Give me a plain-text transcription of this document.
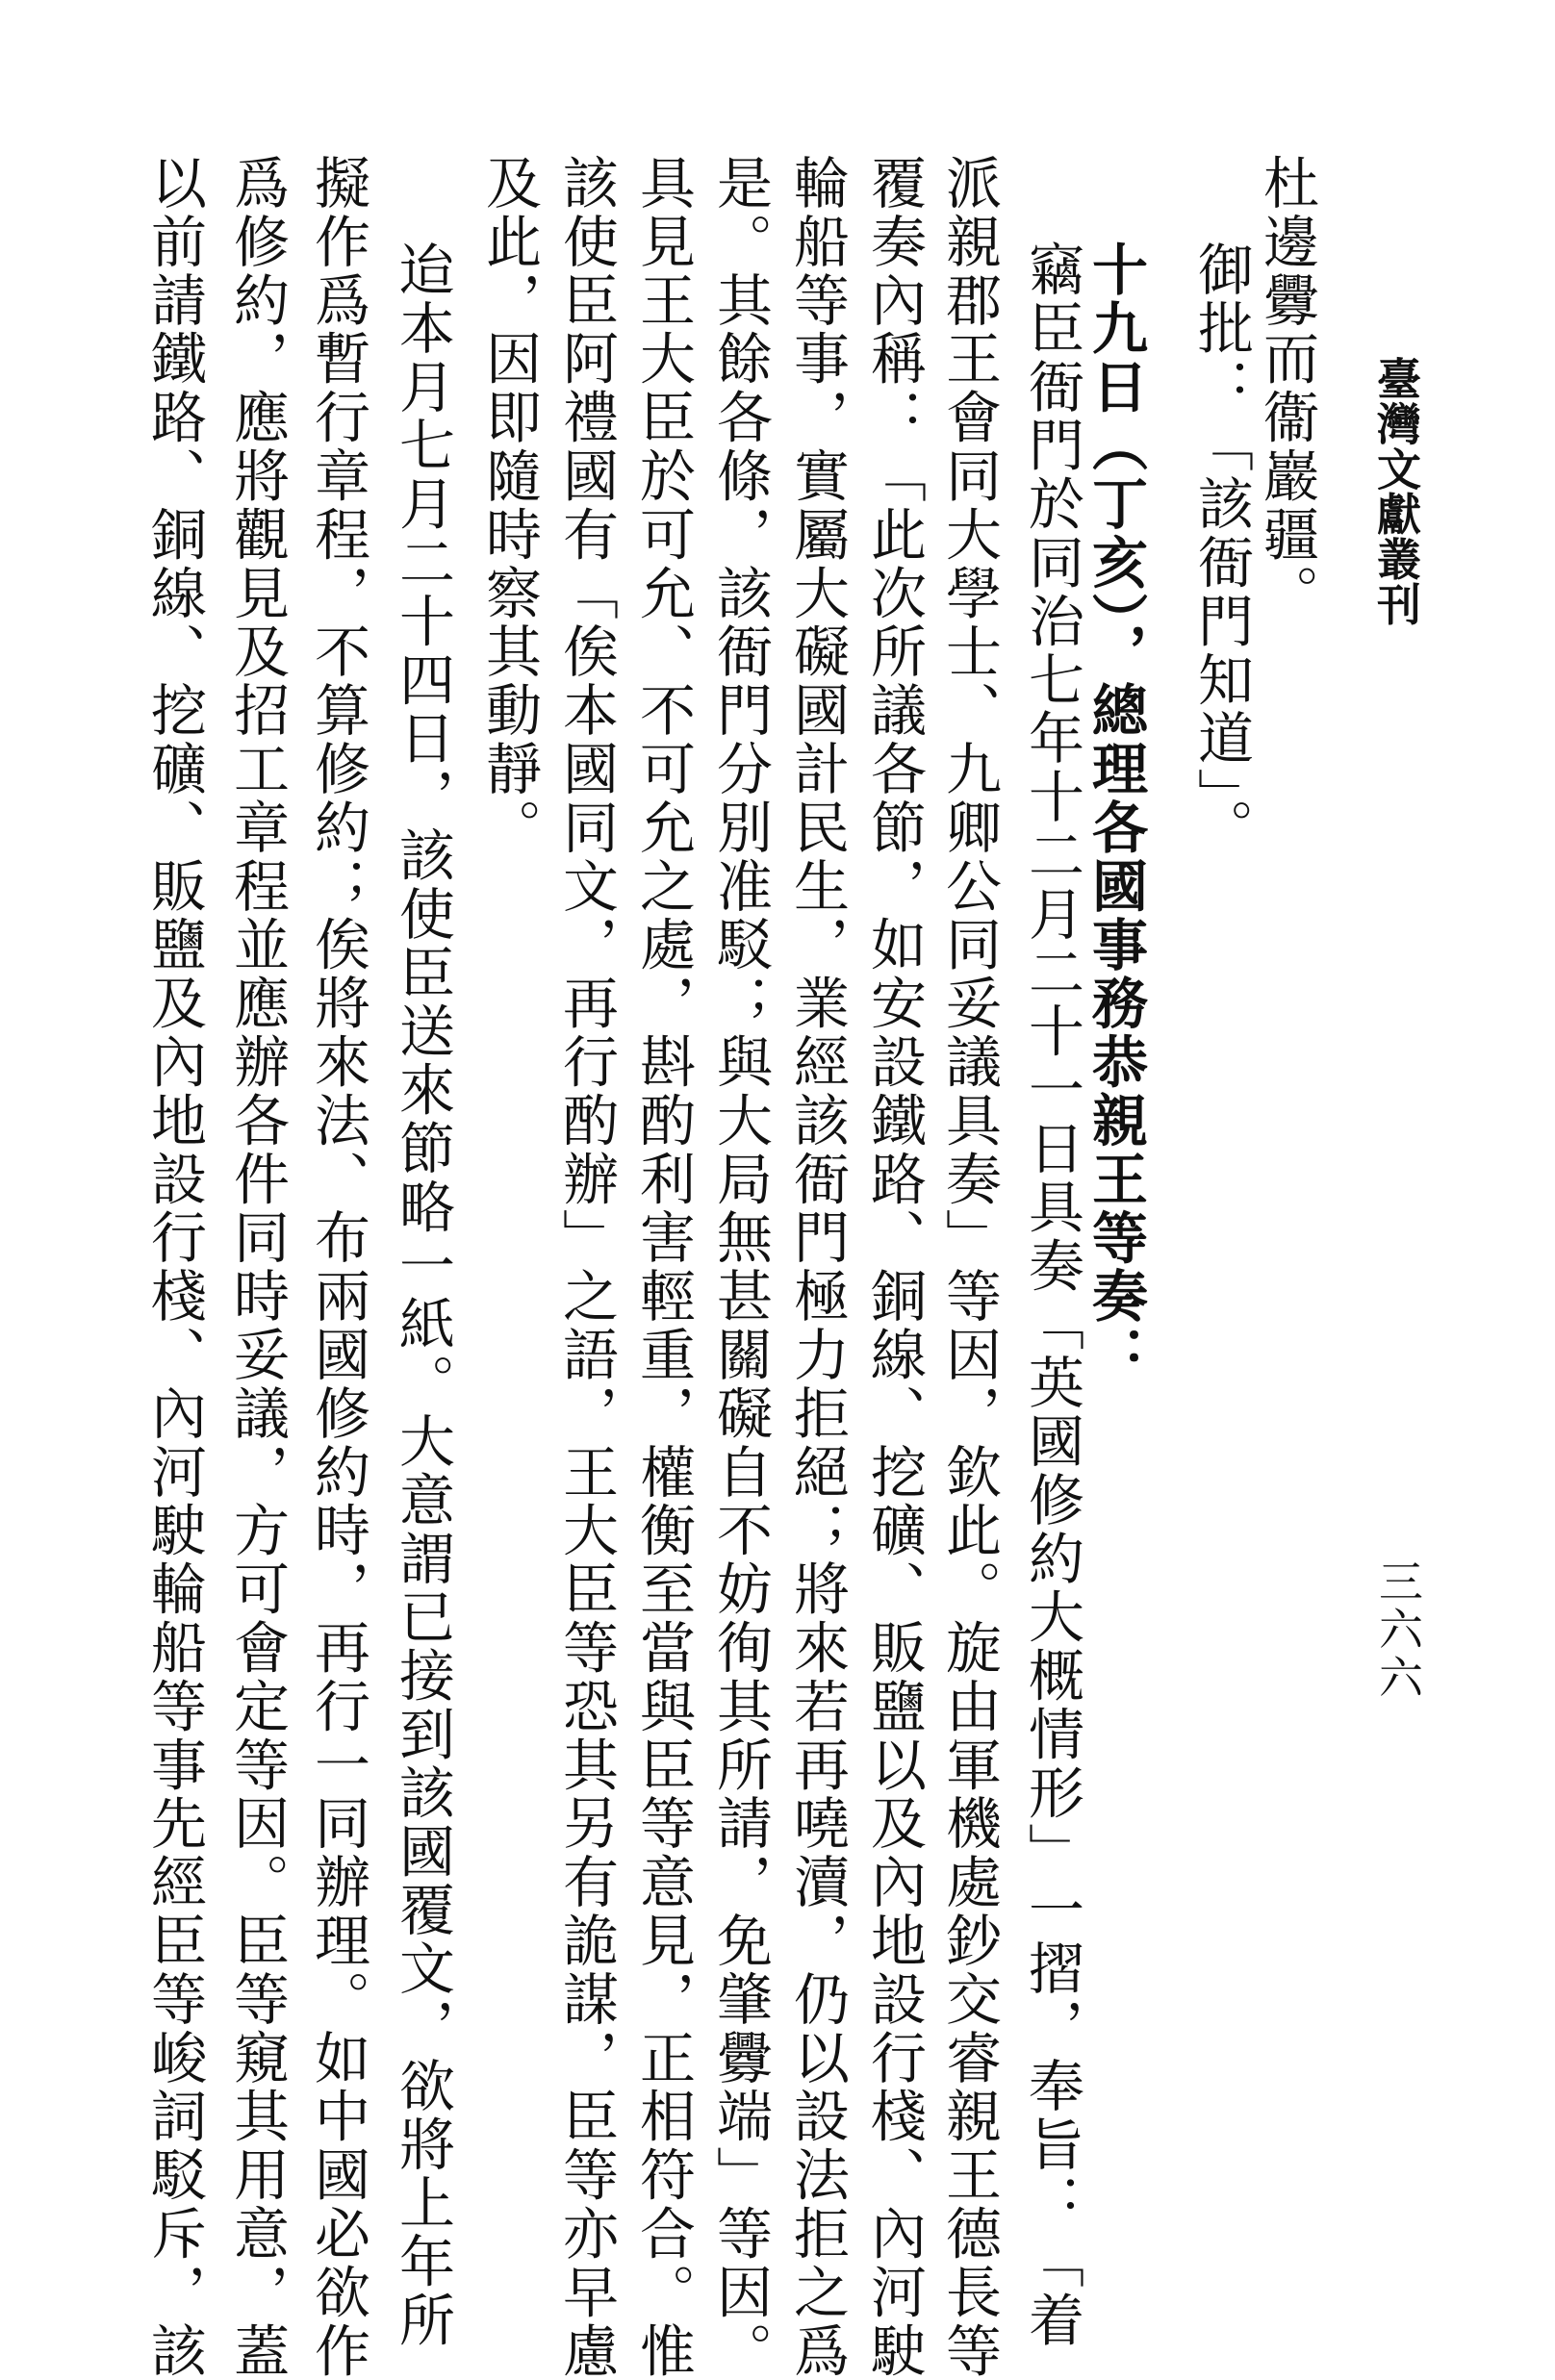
臺灣文獻叢刊
三六六
杜邊釁而衞巖疆。
御批：「該衙門知道」。
十九日（丁亥），總理各國事務恭親王等奏：
竊臣衙門於同治七年十二月二十一日具奏「英國修約大概情形」一摺，奉旨：「着
派親郡王會同大學士、九卿公同妥議具奏」等因，欽此。旋由軍機處鈔交睿親王德長等
覆奏內稱：「此次所議各節，如安設鐵路、銅線、挖礦、販鹽以及內地設行棧、內河駛
輪船等事，實屬大礙國計民生，業經該衙門極力拒絕；將來若再嘵瀆，仍以設法拒之爲
是。其餘各條，該衙門分別准駁；與大局無甚關礙自不妨徇其所請，免肇釁端」等因。
具見王大臣於可允、不可允之處，斟酌利害輕重，權衡至當與臣等意見，正相符合。惟
該使臣阿禮國有「俟本國同文，再行酌辦」之語，王大臣等恐其另有詭謀，臣等亦早慮
及此，因即隨時察其動靜。
迨本月七月二十四日，該使臣送來節略一紙。大意謂已接到該國覆文，欲將上年所
擬作爲暫行章程，不算修約；俟將來法、布兩國修約時，再行一同辦理。如中國必欲作
爲修約，應將觀見及招工章程並應辦各件同時妥議，方可會定等因。臣等窺其用意，蓋
以前請鐵路、銅線、挖礦、販鹽及內地設行棧、內河駛輪船等事先經臣等峻詞駁斥，該
